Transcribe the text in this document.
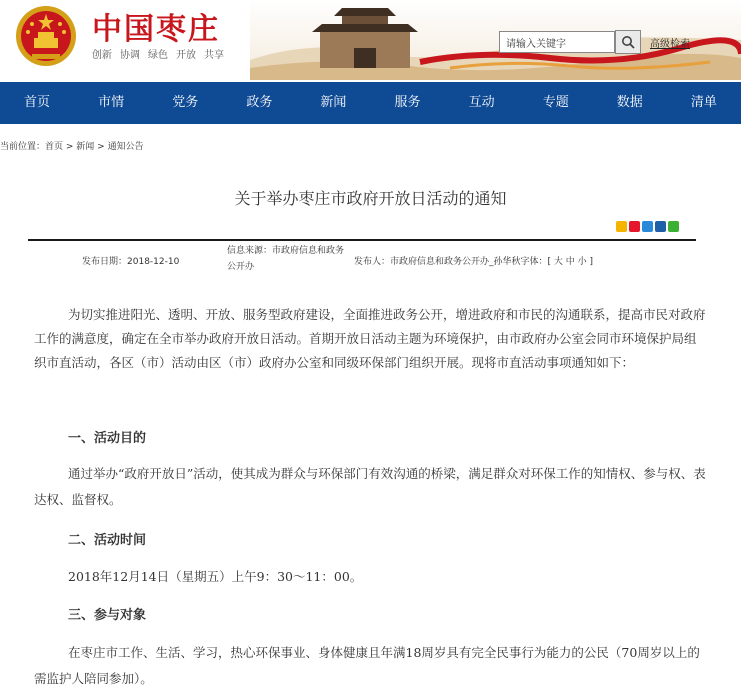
中国枣庄
创新 协调 绿色 开放 共享
请输入关键字
高级检索
首页	市情	党务	政务	新闻	服务	互动	专题	数据	清单
当前位置：首页 > 新闻 > 通知公告
关于举办枣庄市政府开放日活动的通知
发布日期：2018-12-10
信息来源：市政府信息和政务公开办	发布人：市政府信息和政务公开办_孙华秋字体：[ 大 中 小 ]
为切实推进阳光、透明、开放、服务型政府建设，全面推进政务公开，增进政府和市民的沟通联系，提高市民对政府工作的满意度，确定在全市举办政府开放日活动。首期开放日活动主题为环境保护，由市政府办公室会同市环境保护局组织市直活动，各区（市）活动由区（市）政府办公室和同级环保部门组织开展。现将市直活动事项通知如下：
一、活动目的
通过举办“政府开放日”活动，使其成为群众与环保部门有效沟通的桥梁，满足群众对环保工作的知情权、参与权、表达权、监督权。
二、活动时间
2018年12月14日（星期五）上午9：30～11：00。
三、参与对象
在枣庄市工作、生活、学习，热心环保事业、身体健康且年满18周岁具有完全民事行为能力的公民（70周岁以上的需监护人陪同参加）。
